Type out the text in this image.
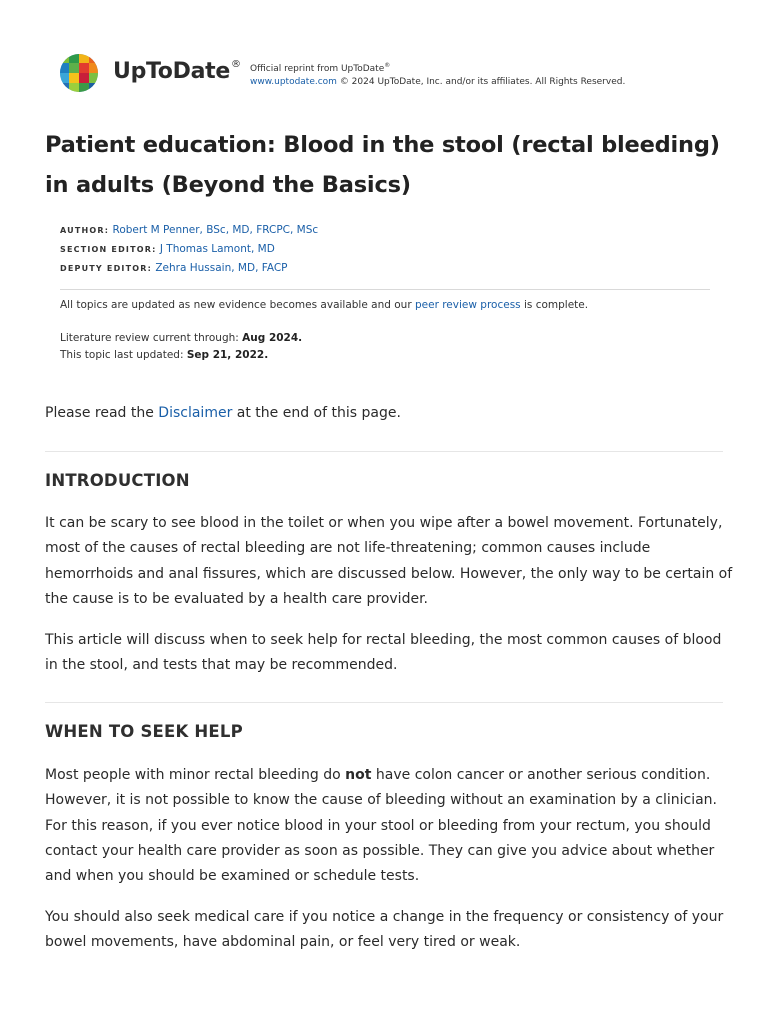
UpToDate® Official reprint from UpToDate®
www.uptodate.com © 2024 UpToDate, Inc. and/or its affiliates. All Rights Reserved.
Patient education: Blood in the stool (rectal bleeding) in adults (Beyond the Basics)
AUTHOR: Robert M Penner, BSc, MD, FRCPC, MSc
SECTION EDITOR: J Thomas Lamont, MD
DEPUTY EDITOR: Zehra Hussain, MD, FACP
All topics are updated as new evidence becomes available and our peer review process is complete.
Literature review current through: Aug 2024.
This topic last updated: Sep 21, 2022.

Please read the Disclaimer at the end of this page.

INTRODUCTION

It can be scary to see blood in the toilet or when you wipe after a bowel movement. Fortunately, most of the causes of rectal bleeding are not life-threatening; common causes include hemorrhoids and anal fissures, which are discussed below. However, the only way to be certain of the cause is to be evaluated by a health care provider.

This article will discuss when to seek help for rectal bleeding, the most common causes of blood in the stool, and tests that may be recommended.

WHEN TO SEEK HELP

Most people with minor rectal bleeding do not have colon cancer or another serious condition. However, it is not possible to know the cause of bleeding without an examination by a clinician. For this reason, if you ever notice blood in your stool or bleeding from your rectum, you should contact your health care provider as soon as possible. They can give you advice about whether and when you should be examined or schedule tests.

You should also seek medical care if you notice a change in the frequency or consistency of your bowel movements, have abdominal pain, or feel very tired or weak.
